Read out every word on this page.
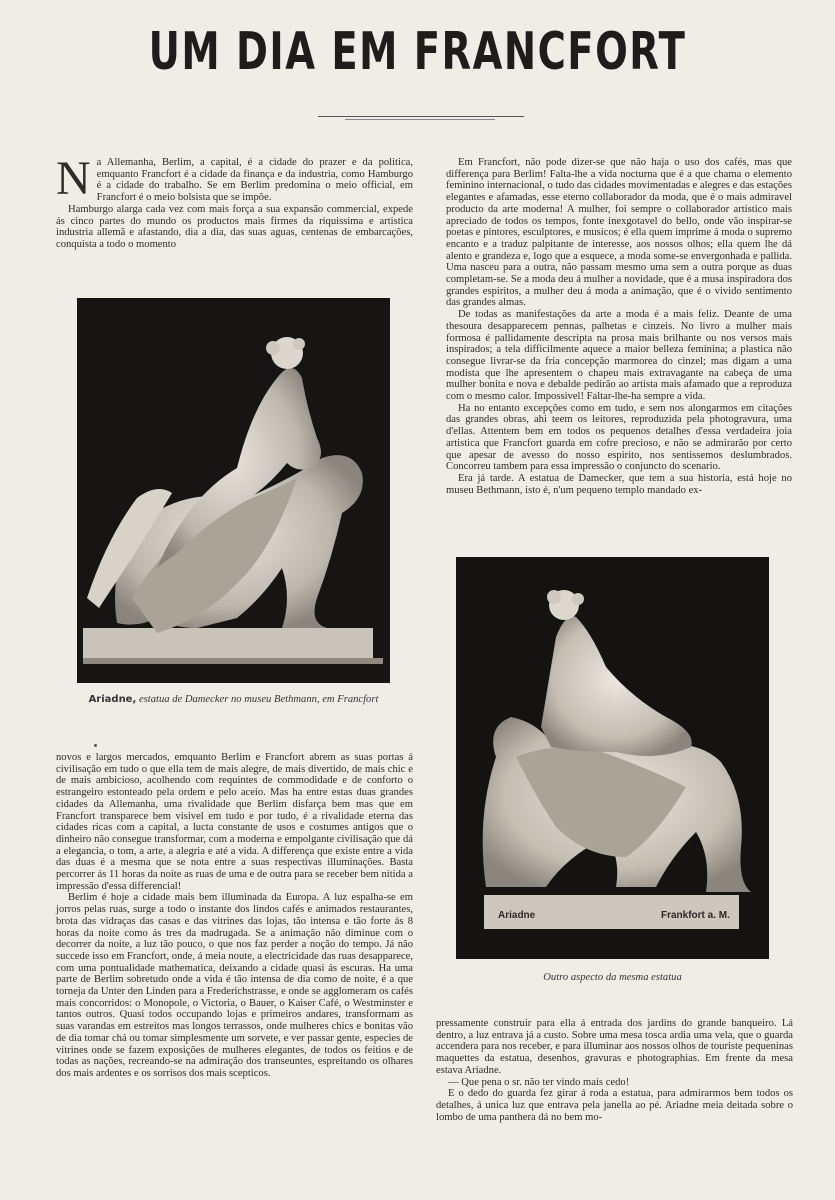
UM DIA EM FRANCFORT

Na Allemanha, Berlim, a capital, é a cidade do prazer e da politica, emquanto Francfort é a cidade da finança e da industria, como Hamburgo é a cidade do trabalho. Se em Berlim predomina o meio official, em Francfort é o meio bolsista que se impõe.

Hamburgo alarga cada vez com mais força a sua expansão commercial, expede ás cinco partes do mundo os productos mais firmes da riquissima e artistica industria allemã e afastando, dia a dia, das suas aguas, centenas de embarcações, conquista a todo o momento

Ariadne, estatua de Damecker no museu Bethmann, em Francfort

novos e largos mercados, emquanto Berlim e Francfort abrem as suas portas á civilisação em tudo o que ella tem de mais alegre, de mais divertido, de mais chic e de mais ambicioso, acolhendo com requintes de commodidade e de conforto o estrangeiro estonteado pela ordem e pelo aceio. Mas ha entre estas duas grandes cidades da Allemanha, uma rivalidade que Berlim disfarça bem mas que em Francfort transparece bem visivel em tudo e por tudo, é a rivalidade eterna das cidades ricas com a capital, a lucta constante de usos e costumes antigos que o dinheiro não consegue transformar, com a moderna e empolgante civilisação que dá a elegancia, o tom, a arte, a alegria e até a vida. A differença que existe entre a vida das duas é a mesma que se nota entre a suas respectivas illuminações. Basta percorrer ás 11 horas da noite as ruas de uma e de outra para se receber bem nitida a impressão d'essa differencial!

Berlim é hoje a cidade mais bem illuminada da Europa. A luz espalha-se em jorros pelas ruas, surge a todo o instante dos lindos cafés e animados restaurantes, brota das vidraças das casas e das vitrines das lojas, tão intensa e tão forte ás 8 horas da noite como ás tres da madrugada. Se a animação não diminue com o decorrer da noite, a luz tão pouco, o que nos faz perder a noção do tempo. Já não succede isso em Francfort, onde, á meia noute, a electricidade das ruas desapparece, com uma pontualidade mathematica, deixando a cidade quasi ás escuras. Ha uma parte de Berlim sobretudo onde a vida é tão intensa de dia como de noite, é a que torneja da Unter den Linden para a Frederichstrasse, e onde se agglomeram os cafés mais concorridos: o Monopole, o Victoria, o Bauer, o Kaiser Café, o Westminster e tantos outros. Quasi todos occupando lojas e primeiros andares, transformam as suas varandas em estreitos mas longos terrassos, onde mulheres chics e bonitas vão de dia tomar chá ou tomar simplesmente um sorvete, e ver passar gente, especies de vitrines onde se fazem exposições de mulheres elegantes, de todos os feitios e de todas as nações, recreando-se na admiração dos transeuntes, espreitando os olhares dos mais ardentes e os sorrisos dos mais scepticos.

Em Francfort, não pode dizer-se que não haja o uso dos cafés, mas que differença para Berlim! Falta-lhe a vida nocturna que é a que chama o elemento feminino internacional, o tudo das cidades movimentadas e alegres e das estações elegantes e afamadas, esse eterno collaborador da moda, que é o mais admiravel producto da arte moderna! A mulher, foi sempre o collaborador artistico mais apreciado de todos os tempos, fonte inexgotavel do bello, onde vão inspirar-se poetas e pintores, esculptores, e musicos; é ella quem imprime á moda o supremo encanto e a traduz palpitante de interesse, aos nossos olhos; ella quem lhe dá alento e grandeza e, logo que a esquece, a moda some-se envergonhada e pallida. Uma nasceu para a outra, não passam mesmo uma sem a outra porque as duas completam-se. Se a moda deu á mulher a novidade, que é a musa inspiradora dos grandes espiritos, a mulher deu á moda a animação, que é o vivido sentimento das grandes almas.

De todas as manifestações da arte a moda é a mais feliz. Deante de uma thesoura desapparecem pennas, palhetas e cinzeis. No livro a mulher mais formosa é pallidamente descripta na prosa mais brilhante ou nos versos mais inspirados; a tela difficilmente aquece a maior belleza feminina; a plastica não consegue livrar-se da fria concepção marmorea do cinzel; mas digam a uma modista que lhe apresentem o chapeu mais extravagante na cabeça de uma mulher bonita e nova e debalde pedirão ao artista mais afamado que a reproduza com o mesmo calor. Impossivel! Faltar-lhe-ha sempre a vida.

Ha no entanto excepções como em tudo, e sem nos alongarmos em citações das grandes obras, ahi teem os leitores, reproduzida pela photogravura, uma d'ellas. Attentem bem em todos os pequenos detalhes d'essa verdadeira joia artistica que Francfort guarda em cofre precioso, e não se admirarão por certo que apesar de avesso do nosso espirito, nos sentissemos deslumbrados. Concorreu tambem para essa impressão o conjuncto do scenario.

Era já tarde. A estatua de Damecker, que tem a sua historia, está hoje no museu Bethmann, isto é, n'um pequeno templo mandado ex-

Ariadne	Frankfort a. M.
Outro aspecto da mesma estatua

pressamente construir para ella á entrada dos jardins do grande banqueiro. Lá dentro, a luz entrava já a custo. Sobre uma mesa tosca ardia uma vela, que o guarda accendera para nos receber, e para illuminar aos nossos olhos de touriste pequeninas maquettes da estatua, desenhos, gravuras e photographias. Em frente da mesa estava Ariadne.

— Que pena o sr. não ter vindo mais cedo!

E o dedo do guarda fez girar á roda a estatua, para admirarmos bem todos os detalhes, á unica luz que entrava pela janella ao pé. Ariadne meia deitada sobre o lombo de uma panthera dá no bem mo-
